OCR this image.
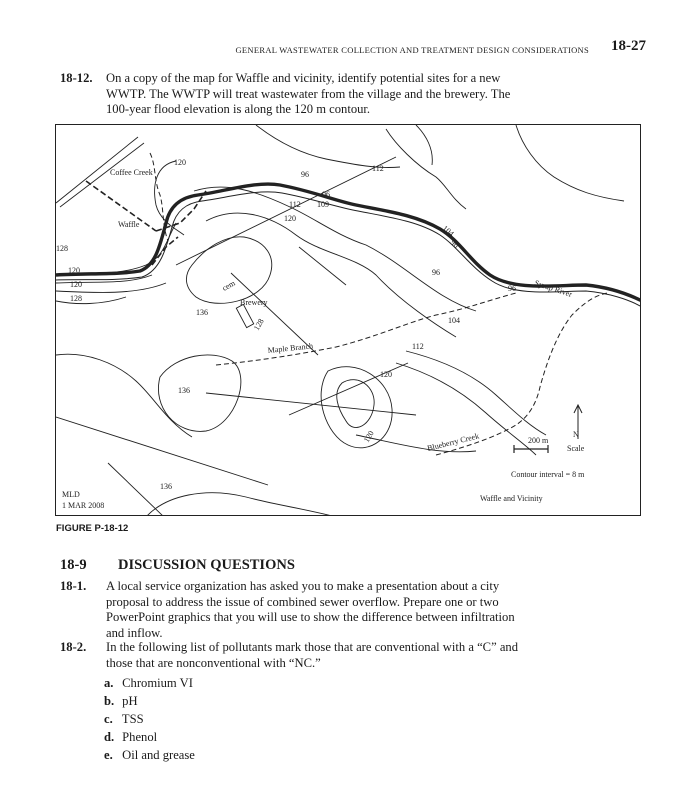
GENERAL WASTEWATER COLLECTION AND TREATMENT DESIGN CONSIDERATIONS 18-27
18-12. On a copy of the map for Waffle and vicinity, identify potential sites for a new
WWTP. The WWTP will treat wastewater from the village and the brewery. The
100-year flood elevation is along the 120 m contour.
Coffee Creek
Waffle
Brewery
Maple Branch
Syrup River
Blueberry Creek
cem
120
96
112
96
112 109
120
104
96
128
120
120
128
96
96
136
128	104
112
120
136
120
136
200 m
N
Scale
Contour interval = 8 m
Waffle and Vicinity
MLD
1 MAR 2008
FIGURE P-18-12
18-9 DISCUSSION QUESTIONS
18-1. A local service organization has asked you to make a presentation about a city
proposal to address the issue of combined sewer overflow. Prepare one or two
PowerPoint graphics that you will use to show the difference between infiltration
and inflow.
18-2. In the following list of pollutants mark those that are conventional with a “C” and
those that are nonconventional with “NC.”
a. Chromium VI
b. pH
c. TSS
d. Phenol
e. Oil and grease
